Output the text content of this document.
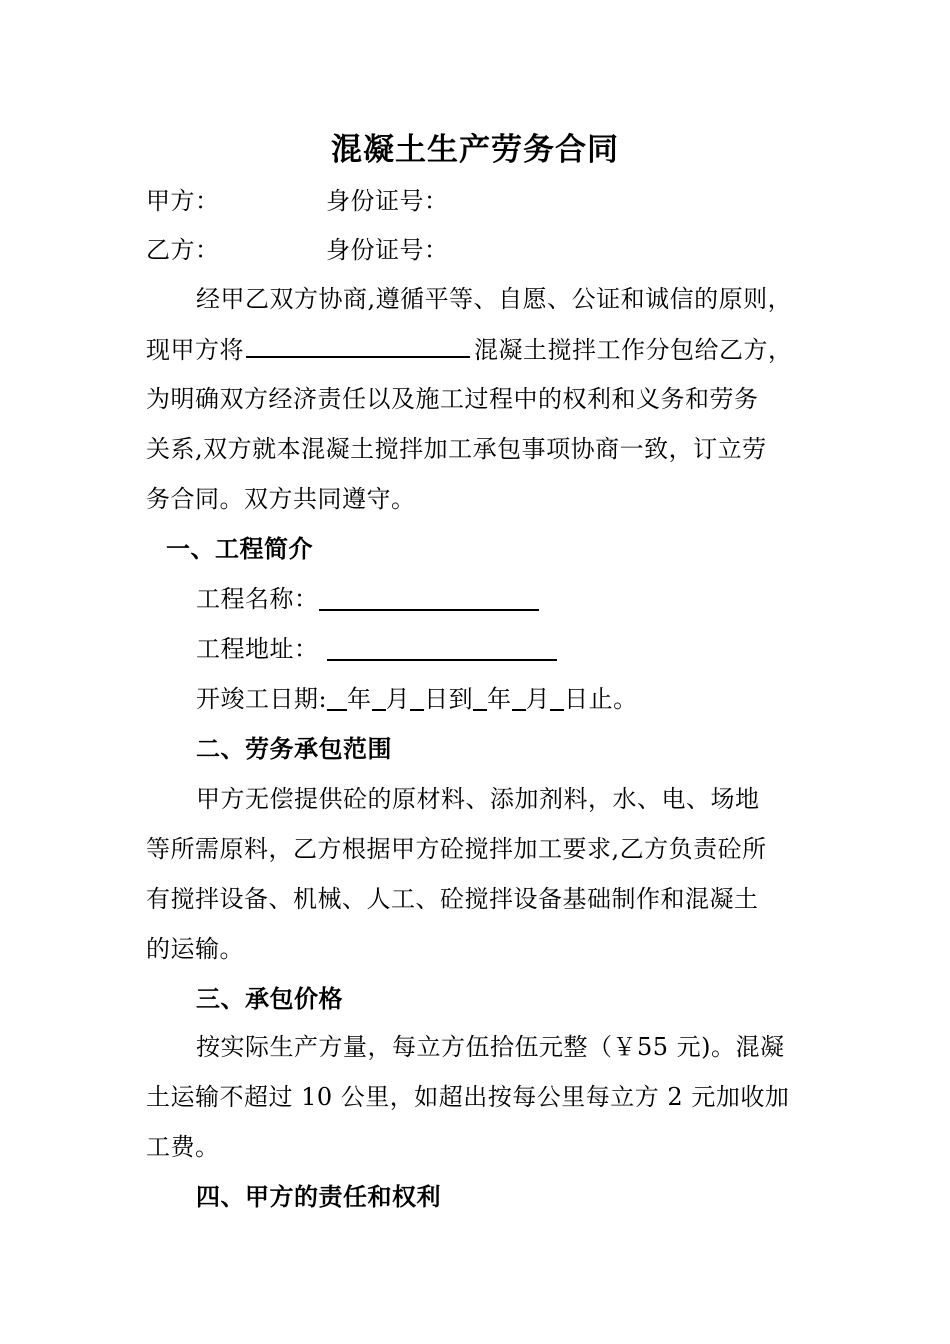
混凝土生产劳务合同
甲方：	身份证号：
乙方：	身份证号：
经甲乙双方协商,遵循平等、自愿、公证和诚信的原则，
现甲方将	混凝土搅拌工作分包给乙方，
为明确双方经济责任以及施工过程中的权利和义务和劳务
关系,双方就本混凝土搅拌加工承包事项协商一致，订立劳
务合同。双方共同遵守。
一、工程简介
工程名称：
工程地址：
开竣工日期: 年 月 日到 年 月 日止。
二、劳务承包范围
甲方无偿提供砼的原材料、添加剂料，水、电、场地
等所需原料，乙方根据甲方砼搅拌加工要求,乙方负责砼所
有搅拌设备、机械、人工、砼搅拌设备基础制作和混凝土
的运输。
三、承包价格
按实际生产方量，每立方伍拾伍元整（￥55 元)。混凝
土运输不超过 10 公里，如超出按每公里每立方 2 元加收加
工费。
四、甲方的责任和权利
